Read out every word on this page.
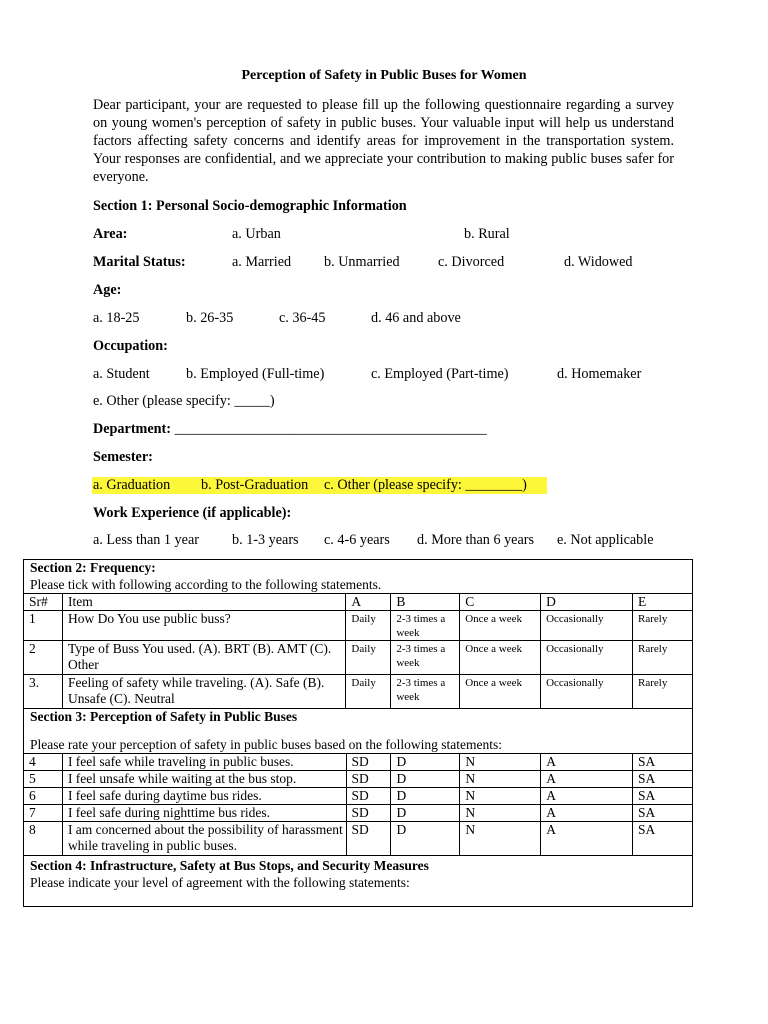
Perception of Safety in Public Buses for Women
Dear participant, your are requested to please fill up the following questionnaire regarding a survey on young women's perception of safety in public buses. Your valuable input will help us understand factors affecting safety concerns and identify areas for improvement in the transportation system. Your responses are confidential, and we appreciate your contribution to making public buses safer for everyone.
Section 1: Personal Socio-demographic Information
Area:	a. Urban	b. Rural
Marital Status:	a. Married b. Unmarried	c. Divorced	d. Widowed
Age:
a. 18-25	b. 26-35	c. 36-45	d. 46 and above
Occupation:
a. Student	b. Employed (Full-time)	c. Employed (Part-time)	d. Homemaker
e. Other (please specify: _____)
Department: ____________________________________________
Semester:
a. Graduation b. Post-Graduation c. Other (please specify: ________)
Work Experience (if applicable):
a. Less than 1 year b. 1-3 years c. 4-6 years d. More than 6 years e. Not applicable
Section 2: Frequency:
Please tick with following according to the following statements.
Sr#	Item	A	B	C	D	E
1	How Do You use public buss?	Daily	2-3 times a week	Once a week	Occasionally	Rarely
2	Type of Buss You used. (A). BRT (B). AMT (C). Other	Daily	2-3 times a week	Once a week	Occasionally	Rarely
3.	Feeling of safety while traveling. (A). Safe (B). Unsafe (C). Neutral	Daily	2-3 times a week	Once a week	Occasionally	Rarely
Section 3: Perception of Safety in Public Buses
Please rate your perception of safety in public buses based on the following statements:
4	I feel safe while traveling in public buses.	SD	D	N	A	SA
5	I feel unsafe while waiting at the bus stop.	SD	D	N	A	SA
6	I feel safe during daytime bus rides.	SD	D	N	A	SA
7	I feel safe during nighttime bus rides.	SD	D	N	A	SA
8	I am concerned about the possibility of harassment while traveling in public buses.	SD	D	N	A	SA
Section 4: Infrastructure, Safety at Bus Stops, and Security Measures
Please indicate your level of agreement with the following statements:
